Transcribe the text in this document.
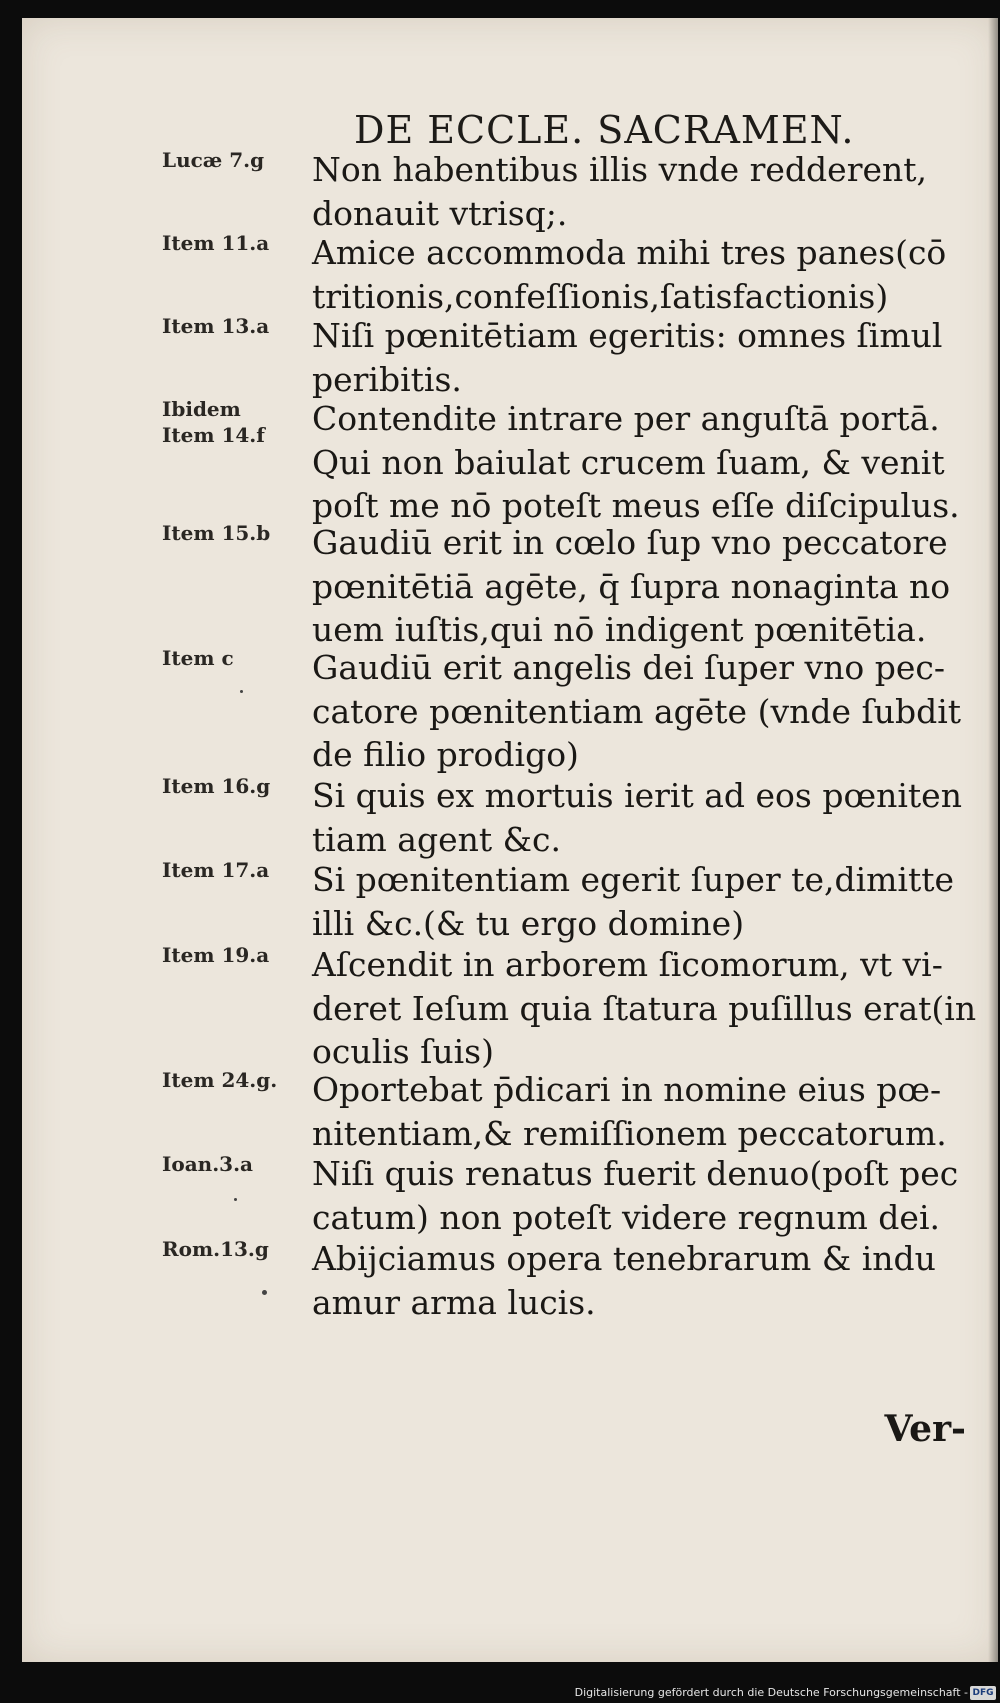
DE ECCLE. SACRAMEN.
Lucæ 7.g	Non habentibus illis vnde redderent,
donauit vtrisq;.

Item 11.a	Amice accommoda mihi tres panes(cō
tritionis,confeſſionis,ſatisfactionis)

Item 13.a	Niſi pœnitētiam egeritis: omnes ſimul
peribitis.

Ibidem
Item 14.f	Contendite intrare per anguſtā portā.
Qui non baiulat crucem ſuam, & venit
poſt me nō poteſt meus eſſe diſcipulus.

Item 15.b	Gaudiū erit in cœlo ſup vno peccatore
pœnitētiā agēte, q̄ ſupra nonaginta no
uem iuſtis,qui nō indigent pœnitētia.

Item c	Gaudiū erit angelis dei ſuper vno pec-
catore pœnitentiam agēte (vnde ſubdit
de filio prodigo)

Item 16.g	Si quis ex mortuis ierit ad eos pœniten
tiam agent &c.

Item 17.a	Si pœnitentiam egerit ſuper te,dimitte
illi &c.(& tu ergo domine)

Item 19.a	Aſcendit in arborem ſicomorum, vt vi-
deret Ieſum quia ſtatura puſillus erat(in
oculis ſuis)

Item 24.g.	Oportebat p̄dicari in nomine eius pœ-
nitentiam,& remiſſionem peccatorum.

Ioan.3.a	Niſi quis renatus fuerit denuo(poſt pec
catum) non poteſt videre regnum dei.

Rom.13.g	Abijciamus opera tenebrarum & indu
amur arma lucis.

Ver-
Digitalisierung gefördert durch die Deutsche Forschungsgemeinschaft - DFG
